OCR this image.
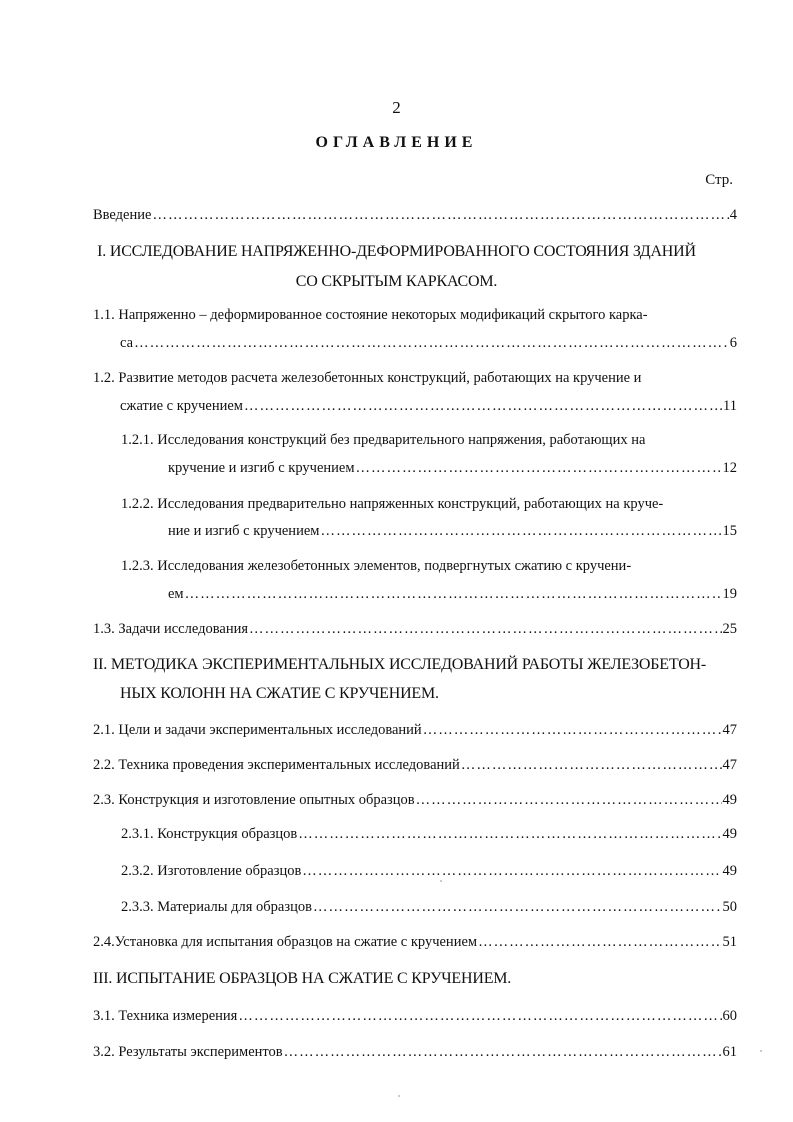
2
ОГЛАВЛЕНИЕ
Стр.
Введение ……………………………………………………………………………………………………………………………………………………………………………………………………	4
I. ИССЛЕДОВАНИЕ НАПРЯЖЕННО-ДЕФОРМИРОВАННОГО СОСТОЯНИЯ ЗДАНИЙ
СО СКРЫТЫМ КАРКАСОМ.
1.1. Напряженно – деформированное состояние некоторых модификаций скрытого карка-
са ……………………………………………………………………………………………………………………………………………………………………………………………………	6
1.2. Развитие методов расчета железобетонных конструкций, работающих на кручение и
сжатие с кручением ……………………………………………………………………………………………………………………………………………………………………………………………………	11
1.2.1. Исследования конструкций без предварительного напряжения, работающих на
кручение и изгиб с кручением ……………………………………………………………………………………………………………………………………………………………………………………………………	12
1.2.2. Исследования предварительно напряженных конструкций, работающих на круче-
ние и изгиб с кручением ……………………………………………………………………………………………………………………………………………………………………………………………………	15
1.2.3. Исследования железобетонных элементов, подвергнутых сжатию с кручени-
ем ……………………………………………………………………………………………………………………………………………………………………………………………………	19
1.3. Задачи исследования ……………………………………………………………………………………………………………………………………………………………………………………………………	25
II. МЕТОДИКА ЭКСПЕРИМЕНТАЛЬНЫХ ИССЛЕДОВАНИЙ РАБОТЫ ЖЕЛЕЗОБЕТОН-
НЫХ КОЛОНН НА СЖАТИЕ С КРУЧЕНИЕМ.
2.1. Цели и задачи экспериментальных исследований ……………………………………………………………………………………………………………………………………………………………………………………………………	47
2.2. Техника проведения экспериментальных исследований ……………………………………………………………………………………………………………………………………………………………………………………………………	47
2.3. Конструкция и изготовление опытных образцов ……………………………………………………………………………………………………………………………………………………………………………………………………	49
2.3.1. Конструкция образцов ……………………………………………………………………………………………………………………………………………………………………………………………………	49
2.3.2. Изготовление образцов ……………………………………………………………………………………………………………………………………………………………………………………………………	49
2.3.3. Материалы для образцов ……………………………………………………………………………………………………………………………………………………………………………………………………	50
2.4.Установка для испытания образцов на сжатие с кручением ……………………………………………………………………………………………………………………………………………………………………………………………………	51
III. ИСПЫТАНИЕ ОБРАЗЦОВ НА СЖАТИЕ С КРУЧЕНИЕМ.
3.1. Техника измерения ……………………………………………………………………………………………………………………………………………………………………………………………………	60
3.2. Результаты экспериментов ……………………………………………………………………………………………………………………………………………………………………………………………………	61
